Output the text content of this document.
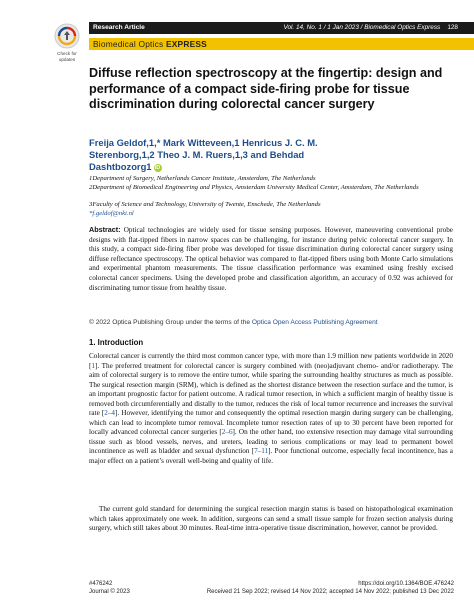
Check for
updates
Research Article	Vol. 14, No. 1 / 1 Jan 2023 / Biomedical Optics Express 128
Biomedical Optics EXPRESS
Diffuse reflection spectroscopy at the fingertip: design and performance of a compact side-firing probe for tissue discrimination during colorectal cancer surgery
Freija Geldof,1,* Mark Witteveen,1 Henricus J. C. M.
Sterenborg,1,2 Theo J. M. Ruers,1,3 and Behdad
Dashtbozorg1 iD
1Department of Surgery, Netherlands Cancer Institute, Amsterdam, The Netherlands
2Department of Biomedical Engineering and Physics, Amsterdam University Medical Center, Amsterdam, The Netherlands
3Faculty of Science and Technology, University of Twente, Enschede, The Netherlands
*f.geldof@nki.nl
Abstract: Optical technologies are widely used for tissue sensing purposes. However, maneuvering conventional probe designs with flat-tipped fibers in narrow spaces can be challenging, for instance during pelvic colorectal cancer surgery. In this study, a compact side-firing fiber probe was developed for tissue discrimination during colorectal cancer surgery using diffuse reflectance spectroscopy. The optical behavior was compared to flat-tipped fibers using both Monte Carlo simulations and experimental phantom measurements. The tissue classification performance was examined using freshly excised colorectal cancer specimens. Using the developed probe and classification algorithm, an accuracy of 0.92 was achieved for discriminating tumor tissue from healthy tissue.
© 2022 Optica Publishing Group under the terms of the Optica Open Access Publishing Agreement
1. Introduction

Colorectal cancer is currently the third most common cancer type, with more than 1.9 million new patients worldwide in 2020 [1]. The preferred treatment for colorectal cancer is surgery combined with (neo)adjuvant chemo- and/or radiotherapy. The aim of colorectal surgery is to remove the entire tumor, while sparing the surrounding healthy structures as much as possible. The surgical resection margin (SRM), which is defined as the shortest distance between the resection surface and the tumor, is an important prognostic factor for patient outcome. A radical tumor resection, in which a sufficient margin of healthy tissue is removed both circumferentially and distally to the tumor, reduces the risk of local tumor recurrence and increases the survival rate [2–4]. However, identifying the tumor and consequently the optimal resection margin during surgery can be challenging, which can lead to incomplete tumor removal. Incomplete tumor resection rates of up to 30 percent have been reported for locally advanced colorectal cancer surgeries [2–6]. On the other hand, too extensive resection may damage vital surrounding tissue such as blood vessels, nerves, and ureters, leading to serious complications or may lead to permanent bowel incontinence as well as bladder and sexual dysfunction [7–11]. Poor functional outcome, especially fecal incontinence, has a major effect on a patient’s overall well-being and quality of life.

The current gold standard for determining the surgical resection margin status is based on histopathological examination which takes approximately one week. In addition, surgeons can send a small tissue sample for frozen section analysis during surgery, which still takes about 30 minutes. Real-time intra-operative tissue discrimination, however, cannot be provided.

#476242
Journal © 2023
https://doi.org/10.1364/BOE.476242
Received 21 Sep 2022; revised 14 Nov 2022; accepted 14 Nov 2022; published 13 Dec 2022
